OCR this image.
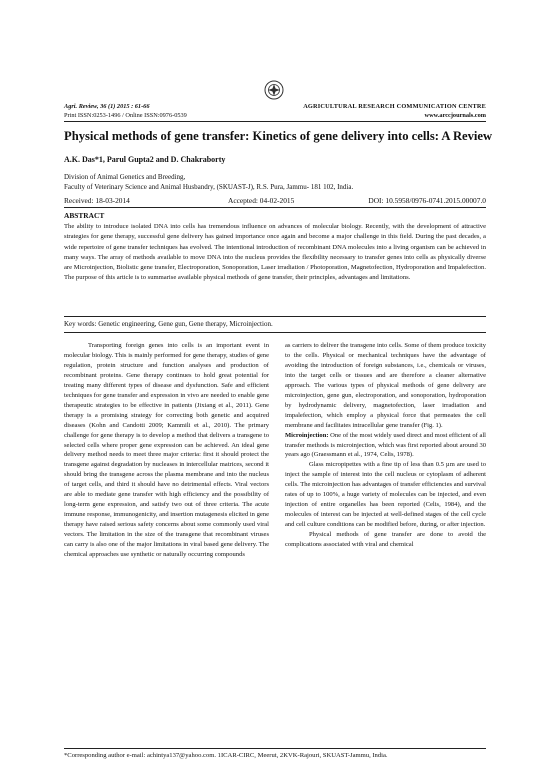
Agri. Review, 36 (1) 2015 : 61-66
Print ISSN:0253-1496 / Online ISSN:0976-0539
AGRICULTURAL RESEARCH COMMUNICATION CENTRE
www.arccjournals.com
Physical methods of gene transfer: Kinetics of gene delivery into cells: A Review
A.K. Das*1, Parul Gupta2 and D. Chakraborty
Division of Animal Genetics and Breeding,
Faculty of Veterinary Science and Animal Husbandry, (SKUAST-J), R.S. Pura, Jammu- 181 102, India.
Received: 18-03-2014	Accepted: 04-02-2015	DOI: 10.5958/0976-0741.2015.00007.0
ABSTRACT
The ability to introduce isolated DNA into cells has tremendous influence on advances of molecular biology. Recently, with the development of attractive strategies for gene therapy, successful gene delivery has gained importance once again and become a major challenge in this field. During the past decades, a wide repertoire of gene transfer techniques has evolved. The intentional introduction of recombinant DNA molecules into a living organism can be achieved in many ways. The array of methods available to move DNA into the nucleus provides the flexibility necessary to transfer genes into cells as physically diverse are Microinjection, Biolistic gene transfer, Electroporation, Sonoporation, Laser irradiation / Photoporation, Magnetofection, Hydroporation and Impalefection. The purpose of this article is to summarise available physical methods of gene transfer, their principles, advantages and limitations.
Key words: Genetic engineering, Gene gun, Gene therapy, Microinjection.

Transporting foreign genes into cells is an important event in molecular biology. This is mainly performed for gene therapy, studies of gene regulation, protein structure and function analyses and production of recombinant proteins. Gene therapy continues to hold great potential for treating many different types of disease and dysfunction. Safe and efficient techniques for gene transfer and expression in vivo are needed to enable gene therapeutic strategies to be effective in patients (Jixiang et al., 2011). Gene therapy is a promising strategy for correcting both genetic and acquired diseases (Kohn and Candotti 2009; Kammili et al., 2010). The primary challenge for gene therapy is to develop a method that delivers a transgene to selected cells where proper gene expression can be achieved. An ideal gene delivery method needs to meet three major criteria: first it should protect the transgene against degradation by nucleases in intercellular matrices, second it should bring the transgene across the plasma membrane and into the nucleus of target cells, and third it should have no detrimental effects. Viral vectors are able to mediate gene transfer with high efficiency and the possibility of long-term gene expression, and satisfy two out of three criteria. The acute immune response, immunogenicity, and insertion mutagenesis elicited in gene therapy have raised serious safety concerns about some commonly used viral vectors. The limitation in the size of the transgene that recombinant viruses can carry is also one of the major limitations in viral based gene delivery. The chemical approaches use synthetic or naturally occurring compounds

as carriers to deliver the transgene into cells. Some of them produce toxicity to the cells. Physical or mechanical techniques have the advantage of avoiding the introduction of foreign substances, i.e., chemicals or viruses, into the target cells or tissues and are therefore a cleaner alternative approach. The various types of physical methods of gene delivery are microinjection, gene gun, electroporation, and sonoporation, hydroporation by hydrodynamic delivery, magnetofection, laser irradiation and impalefection, which employ a physical force that permeates the cell membrane and facilitates intracellular gene transfer (Fig. 1).

Microinjection: One of the most widely used direct and most efficient of all transfer methods is microinjection, which was first reported about around 30 years ago (Graessmann et al., 1974, Celis, 1978).

Glass micropipettes with a fine tip of less than 0.5 µm are used to inject the sample of interest into the cell nucleus or cytoplasm of adherent cells. The microinjection has advantages of transfer efficiencies and survival rates of up to 100%, a huge variety of molecules can be injected, and even injection of entire organelles has been reported (Celis, 1984), and the molecules of interest can be injected at well-defined stages of the cell cycle and cell culture conditions can be modified before, during, or after injection.

Physical methods of gene transfer are done to avoid the complications associated with viral and chemical

*Corresponding author e-mail: achintya137@yahoo.com. 1ICAR-CIRC, Meerut, 2KVK-Rajouri, SKUAST-Jammu, India.
